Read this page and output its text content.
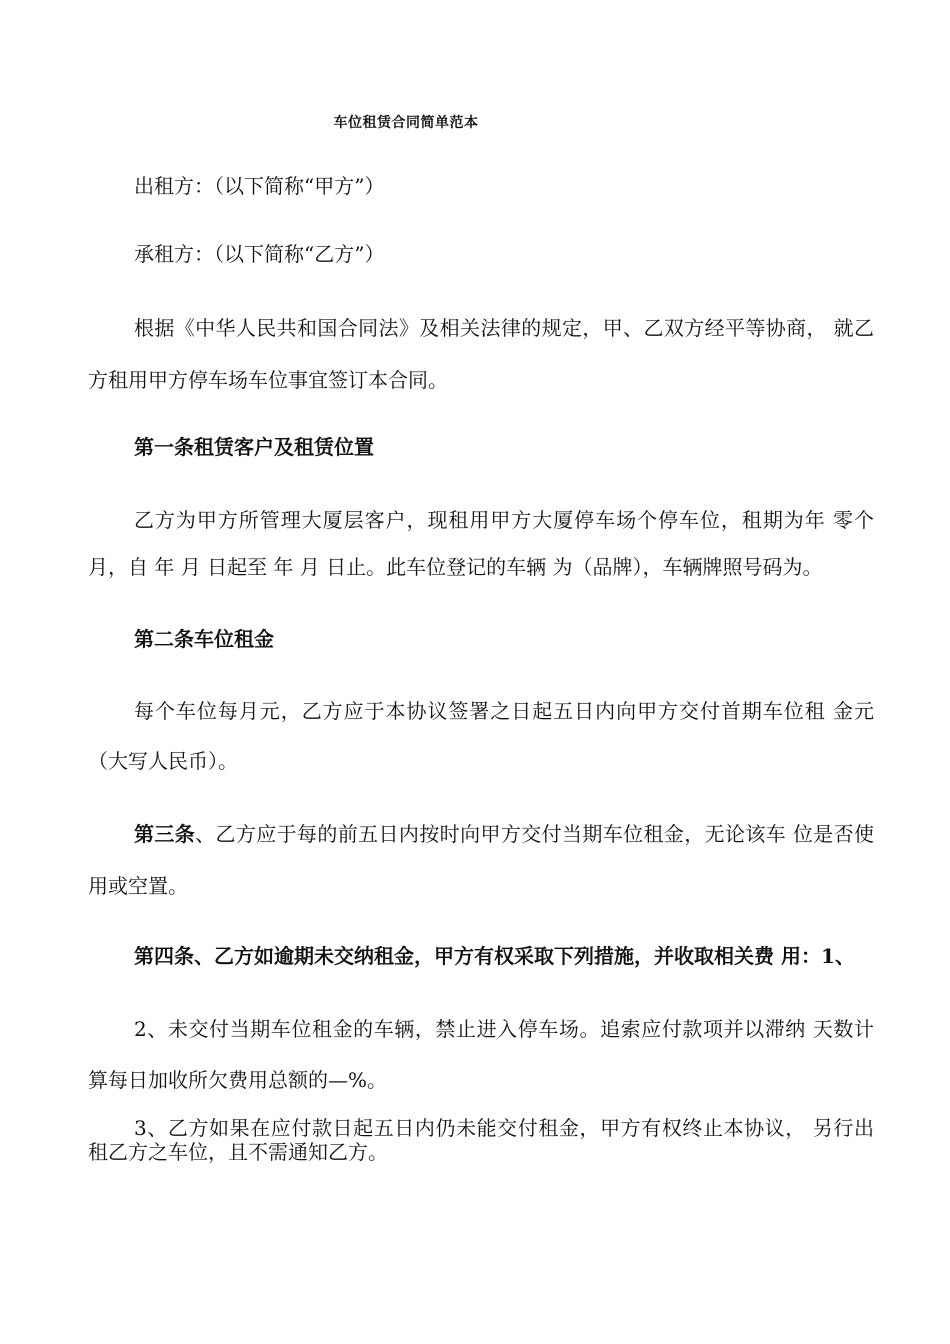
车位租赁合同简单范本
出租方：（以下简称“甲方”）
承租方：（以下简称“乙方”）
根据《中华人民共和国合同法》及相关法律的规定，甲、乙双方经平等协商， 就乙
方租用甲方停车场车位事宜签订本合同。
第一条租赁客户及租赁位置
乙方为甲方所管理大厦层客户，现租用甲方大厦停车场个停车位，租期为年 零个
月，自 年 月 日起至 年 月 日止。此车位登记的车辆 为（品牌），车辆牌照号码为。
第二条车位租金
每个车位每月元，乙方应于本协议签署之日起五日内向甲方交付首期车位租 金元
（大写人民币）。
第三条、乙方应于每的前五日内按时向甲方交付当期车位租金，无论该车 位是否使
用或空置。
第四条、乙方如逾期未交纳租金，甲方有权采取下列措施，并收取相关费 用：1、
2、未交付当期车位租金的车辆，禁止进入停车场。追索应付款项并以滞纳 天数计
算每日加收所欠费用总额的—%。
3、乙方如果在应付款日起五日内仍未能交付租金，甲方有权终止本协议， 另行出
租乙方之车位，且不需通知乙方。
